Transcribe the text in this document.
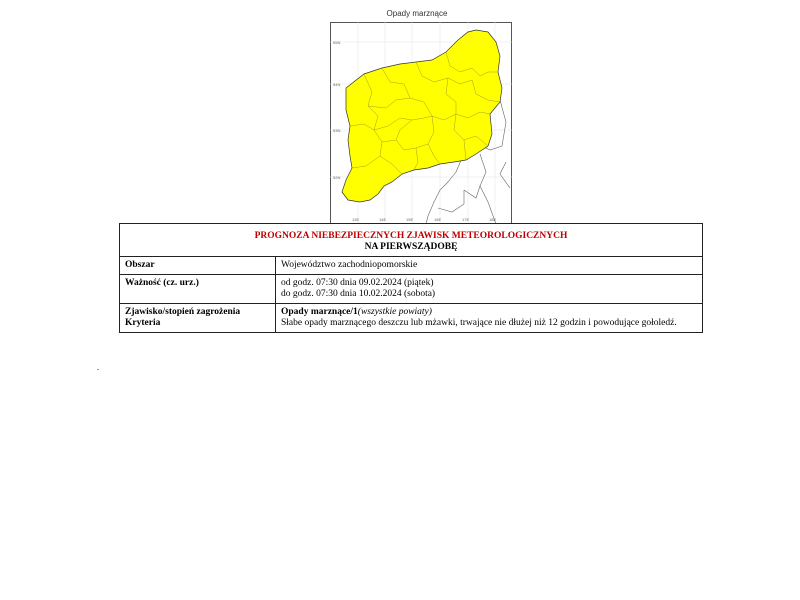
Opady marznące
55N
54N
53N
52N
13E	14E	15E	16E	17E	18E
PROGNOZA NIEBEZPIECZNYCH ZJAWISK METEOROLOGICZNYCH
NA PIERWSZĄDOBĘ	

Obszar	Województwo zachodniopomorskie
Ważność (cz. urz.)	od godz. 07:30 dnia 09.02.2024 (piątek)
do godz. 07:30 dnia 10.02.2024 (sobota)

Zjawisko/stopień zagrożenia
Kryteria	Opady marznące/1(wszystkie powiaty)
Słabe opady marznącego deszczu lub mżawki, trwające nie dłużej niż 12 godzin i powodujące gołoledź.
